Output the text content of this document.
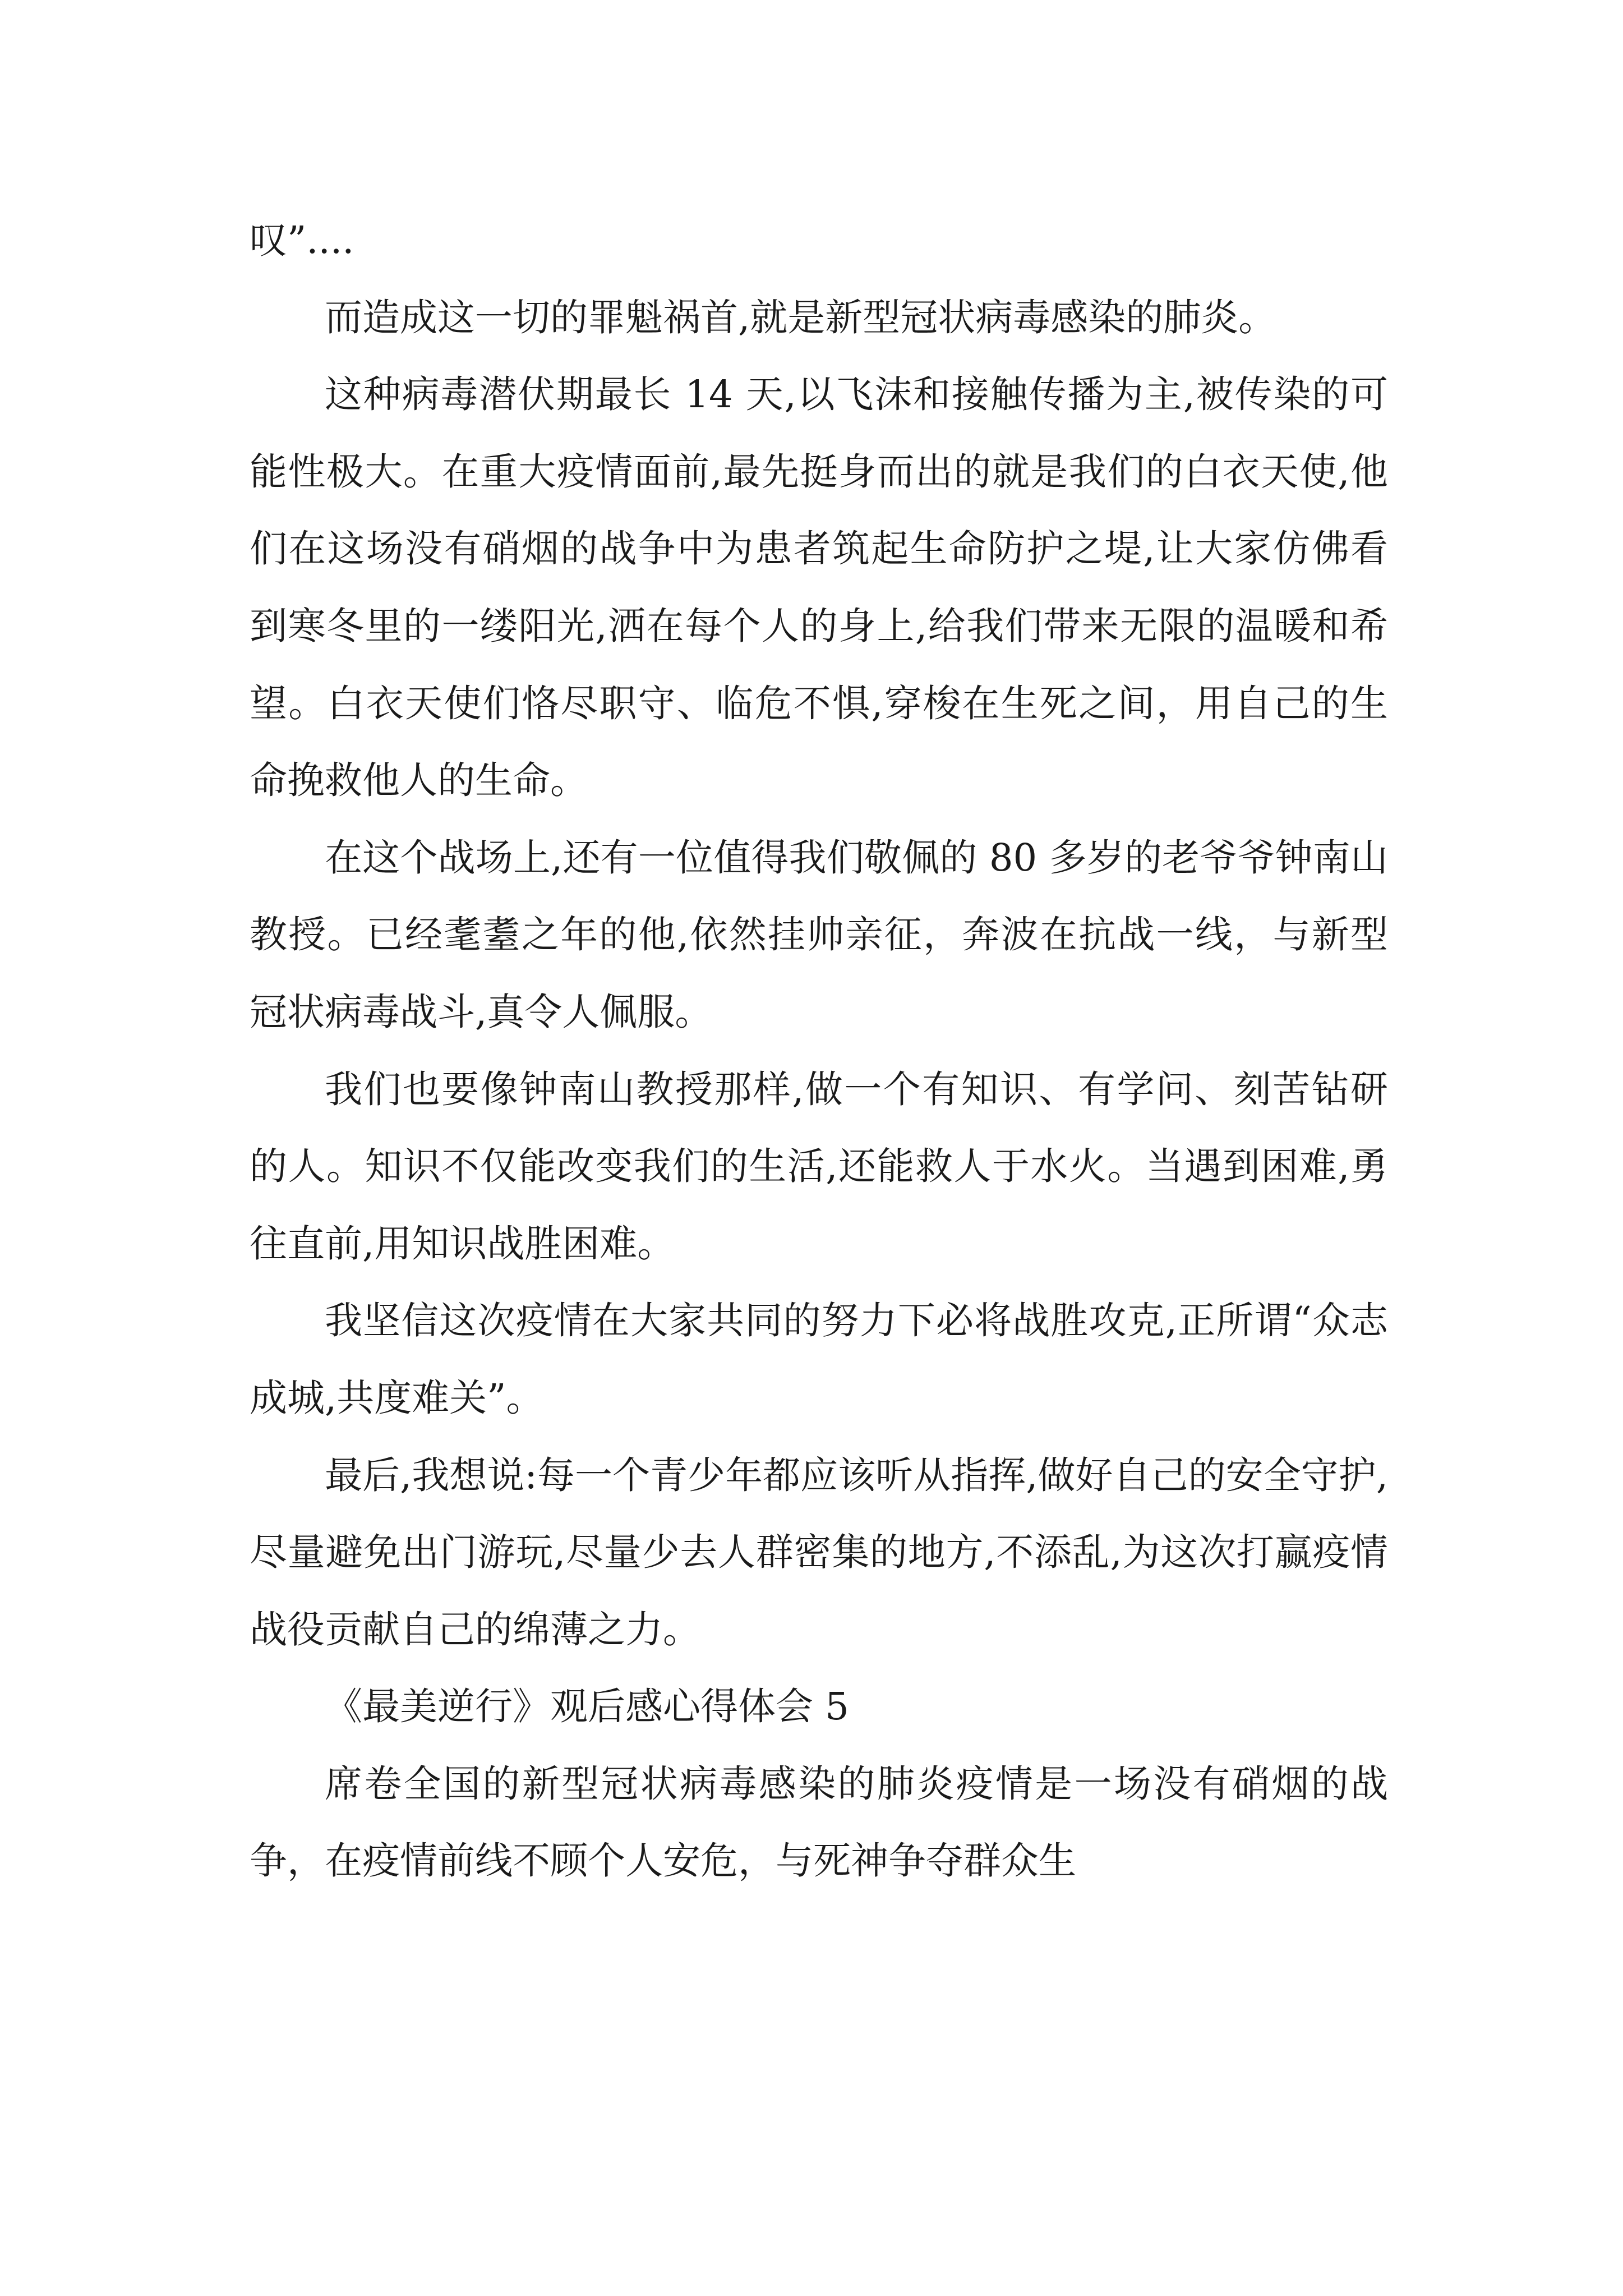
叹”....

而造成这一切的罪魁祸首,就是新型冠状病毒感染的肺炎。

这种病毒潜伏期最长 14 天,以飞沫和接触传播为主,被传染的可能性极大。在重大疫情面前,最先挺身而出的就是我们的白衣天使,他们在这场没有硝烟的战争中为患者筑起生命防护之堤,让大家仿佛看到寒冬里的一缕阳光,洒在每个人的身上,给我们带来无限的温暖和希望。白衣天使们恪尽职守、临危不惧,穿梭在生死之间，用自己的生命挽救他人的生命。

在这个战场上,还有一位值得我们敬佩的 80 多岁的老爷爷钟南山教授。已经耄耋之年的他,依然挂帅亲征，奔波在抗战一线，与新型冠状病毒战斗,真令人佩服。

我们也要像钟南山教授那样,做一个有知识、有学问、刻苦钻研的人。知识不仅能改变我们的生活,还能救人于水火。当遇到困难,勇往直前,用知识战胜困难。

我坚信这次疫情在大家共同的努力下必将战胜攻克,正所谓“众志成城,共度难关”。

最后,我想说:每一个青少年都应该听从指挥,做好自己的安全守护,尽量避免出门游玩,尽量少去人群密集的地方,不添乱,为这次打赢疫情战役贡献自己的绵薄之力。

《最美逆行》观后感心得体会 5

席卷全国的新型冠状病毒感染的肺炎疫情是一场没有硝烟的战争，在疫情前线不顾个人安危，与死神争夺群众生
